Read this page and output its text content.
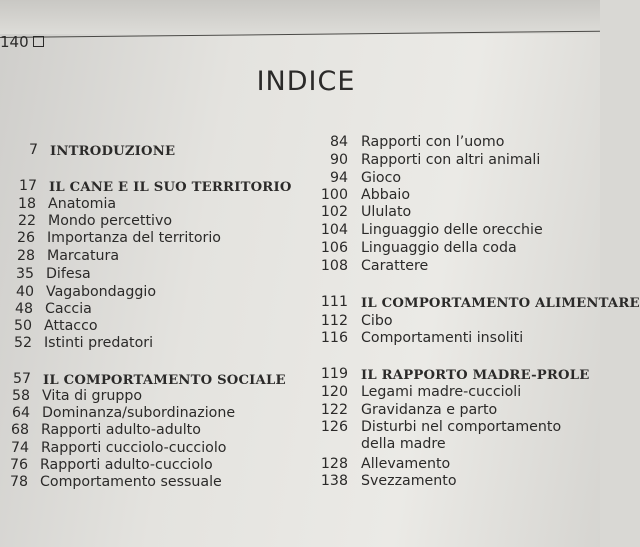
140
INDICE
7 INTRODUZIONE
17 IL CANE E IL SUO TERRITORIO
18 Anatomia
22 Mondo percettivo
26 Importanza del territorio
28 Marcatura
35 Difesa
40 Vagabondaggio
48 Caccia
50 Attacco
52 Istinti predatori
57 IL COMPORTAMENTO SOCIALE
58 Vita di gruppo
64 Dominanza/subordinazione
68 Rapporti adulto-adulto
74 Rapporti cucciolo-cucciolo
76 Rapporti adulto-cucciolo
78 Comportamento sessuale
84 Rapporti con l’uomo
90 Rapporti con altri animali
94 Gioco
100 Abbaio
102 Ululato
104 Linguaggio delle orecchie
106 Linguaggio della coda
108 Carattere
111 IL COMPORTAMENTO ALIMENTARE
112 Cibo
116 Comportamenti insoliti
119 IL RAPPORTO MADRE-PROLE
120 Legami madre-cuccioli
122 Gravidanza e parto
126 Disturbi nel comportamento
della madre
128 Allevamento
138 Svezzamento
